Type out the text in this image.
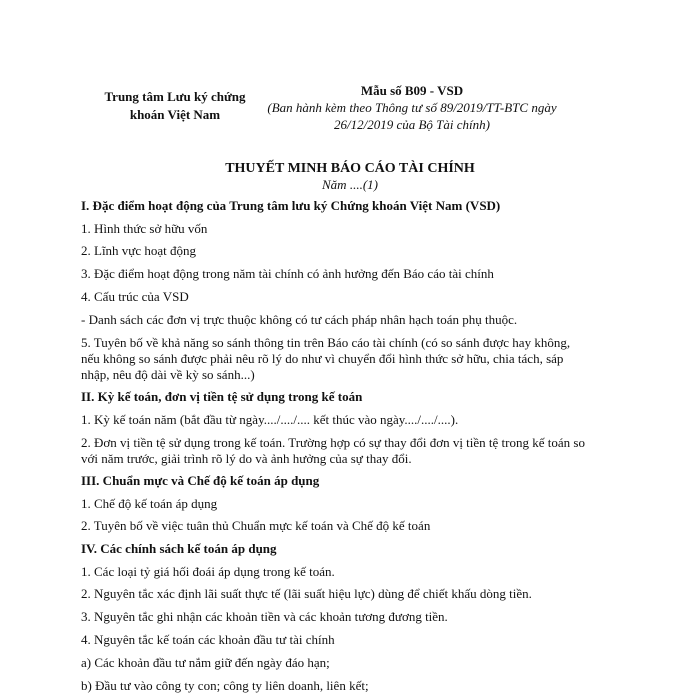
Trung tâm Lưu ký chứng
khoán Việt Nam
Mẫu số B09 - VSD
(Ban hành kèm theo Thông tư số 89/2019/TT-BTC ngày
26/12/2019 của Bộ Tài chính)
THUYẾT MINH BÁO CÁO TÀI CHÍNH
Năm ....(1)
I. Đặc điểm hoạt động của Trung tâm lưu ký Chứng khoán Việt Nam (VSD)
1. Hình thức sở hữu vốn
2. Lĩnh vực hoạt động
3. Đặc điểm hoạt động trong năm tài chính có ảnh hưởng đến Báo cáo tài chính
4. Cấu trúc của VSD
- Danh sách các đơn vị trực thuộc không có tư cách pháp nhân hạch toán phụ thuộc.
5. Tuyên bố về khả năng so sánh thông tin trên Báo cáo tài chính (có so sánh được hay không,
nếu không so sánh được phải nêu rõ lý do như vì chuyển đổi hình thức sở hữu, chia tách, sáp
nhập, nêu độ dài về kỳ so sánh...)
II. Kỳ kế toán, đơn vị tiền tệ sử dụng trong kế toán
1. Kỳ kế toán năm (bắt đầu từ ngày..../..../.... kết thúc vào ngày..../..../....).
2. Đơn vị tiền tệ sử dụng trong kế toán. Trường hợp có sự thay đổi đơn vị tiền tệ trong kế toán so
với năm trước, giải trình rõ lý do và ảnh hưởng của sự thay đổi.
III. Chuẩn mực và Chế độ kế toán áp dụng
1. Chế độ kế toán áp dụng
2. Tuyên bố về việc tuân thủ Chuẩn mực kế toán và Chế độ kế toán
IV. Các chính sách kế toán áp dụng
1. Các loại tỷ giá hối đoái áp dụng trong kế toán.
2. Nguyên tắc xác định lãi suất thực tế (lãi suất hiệu lực) dùng để chiết khấu dòng tiền.
3. Nguyên tắc ghi nhận các khoản tiền và các khoản tương đương tiền.
4. Nguyên tắc kế toán các khoản đầu tư tài chính
a) Các khoản đầu tư nắm giữ đến ngày đáo hạn;
b) Đầu tư vào công ty con; công ty liên doanh, liên kết;
